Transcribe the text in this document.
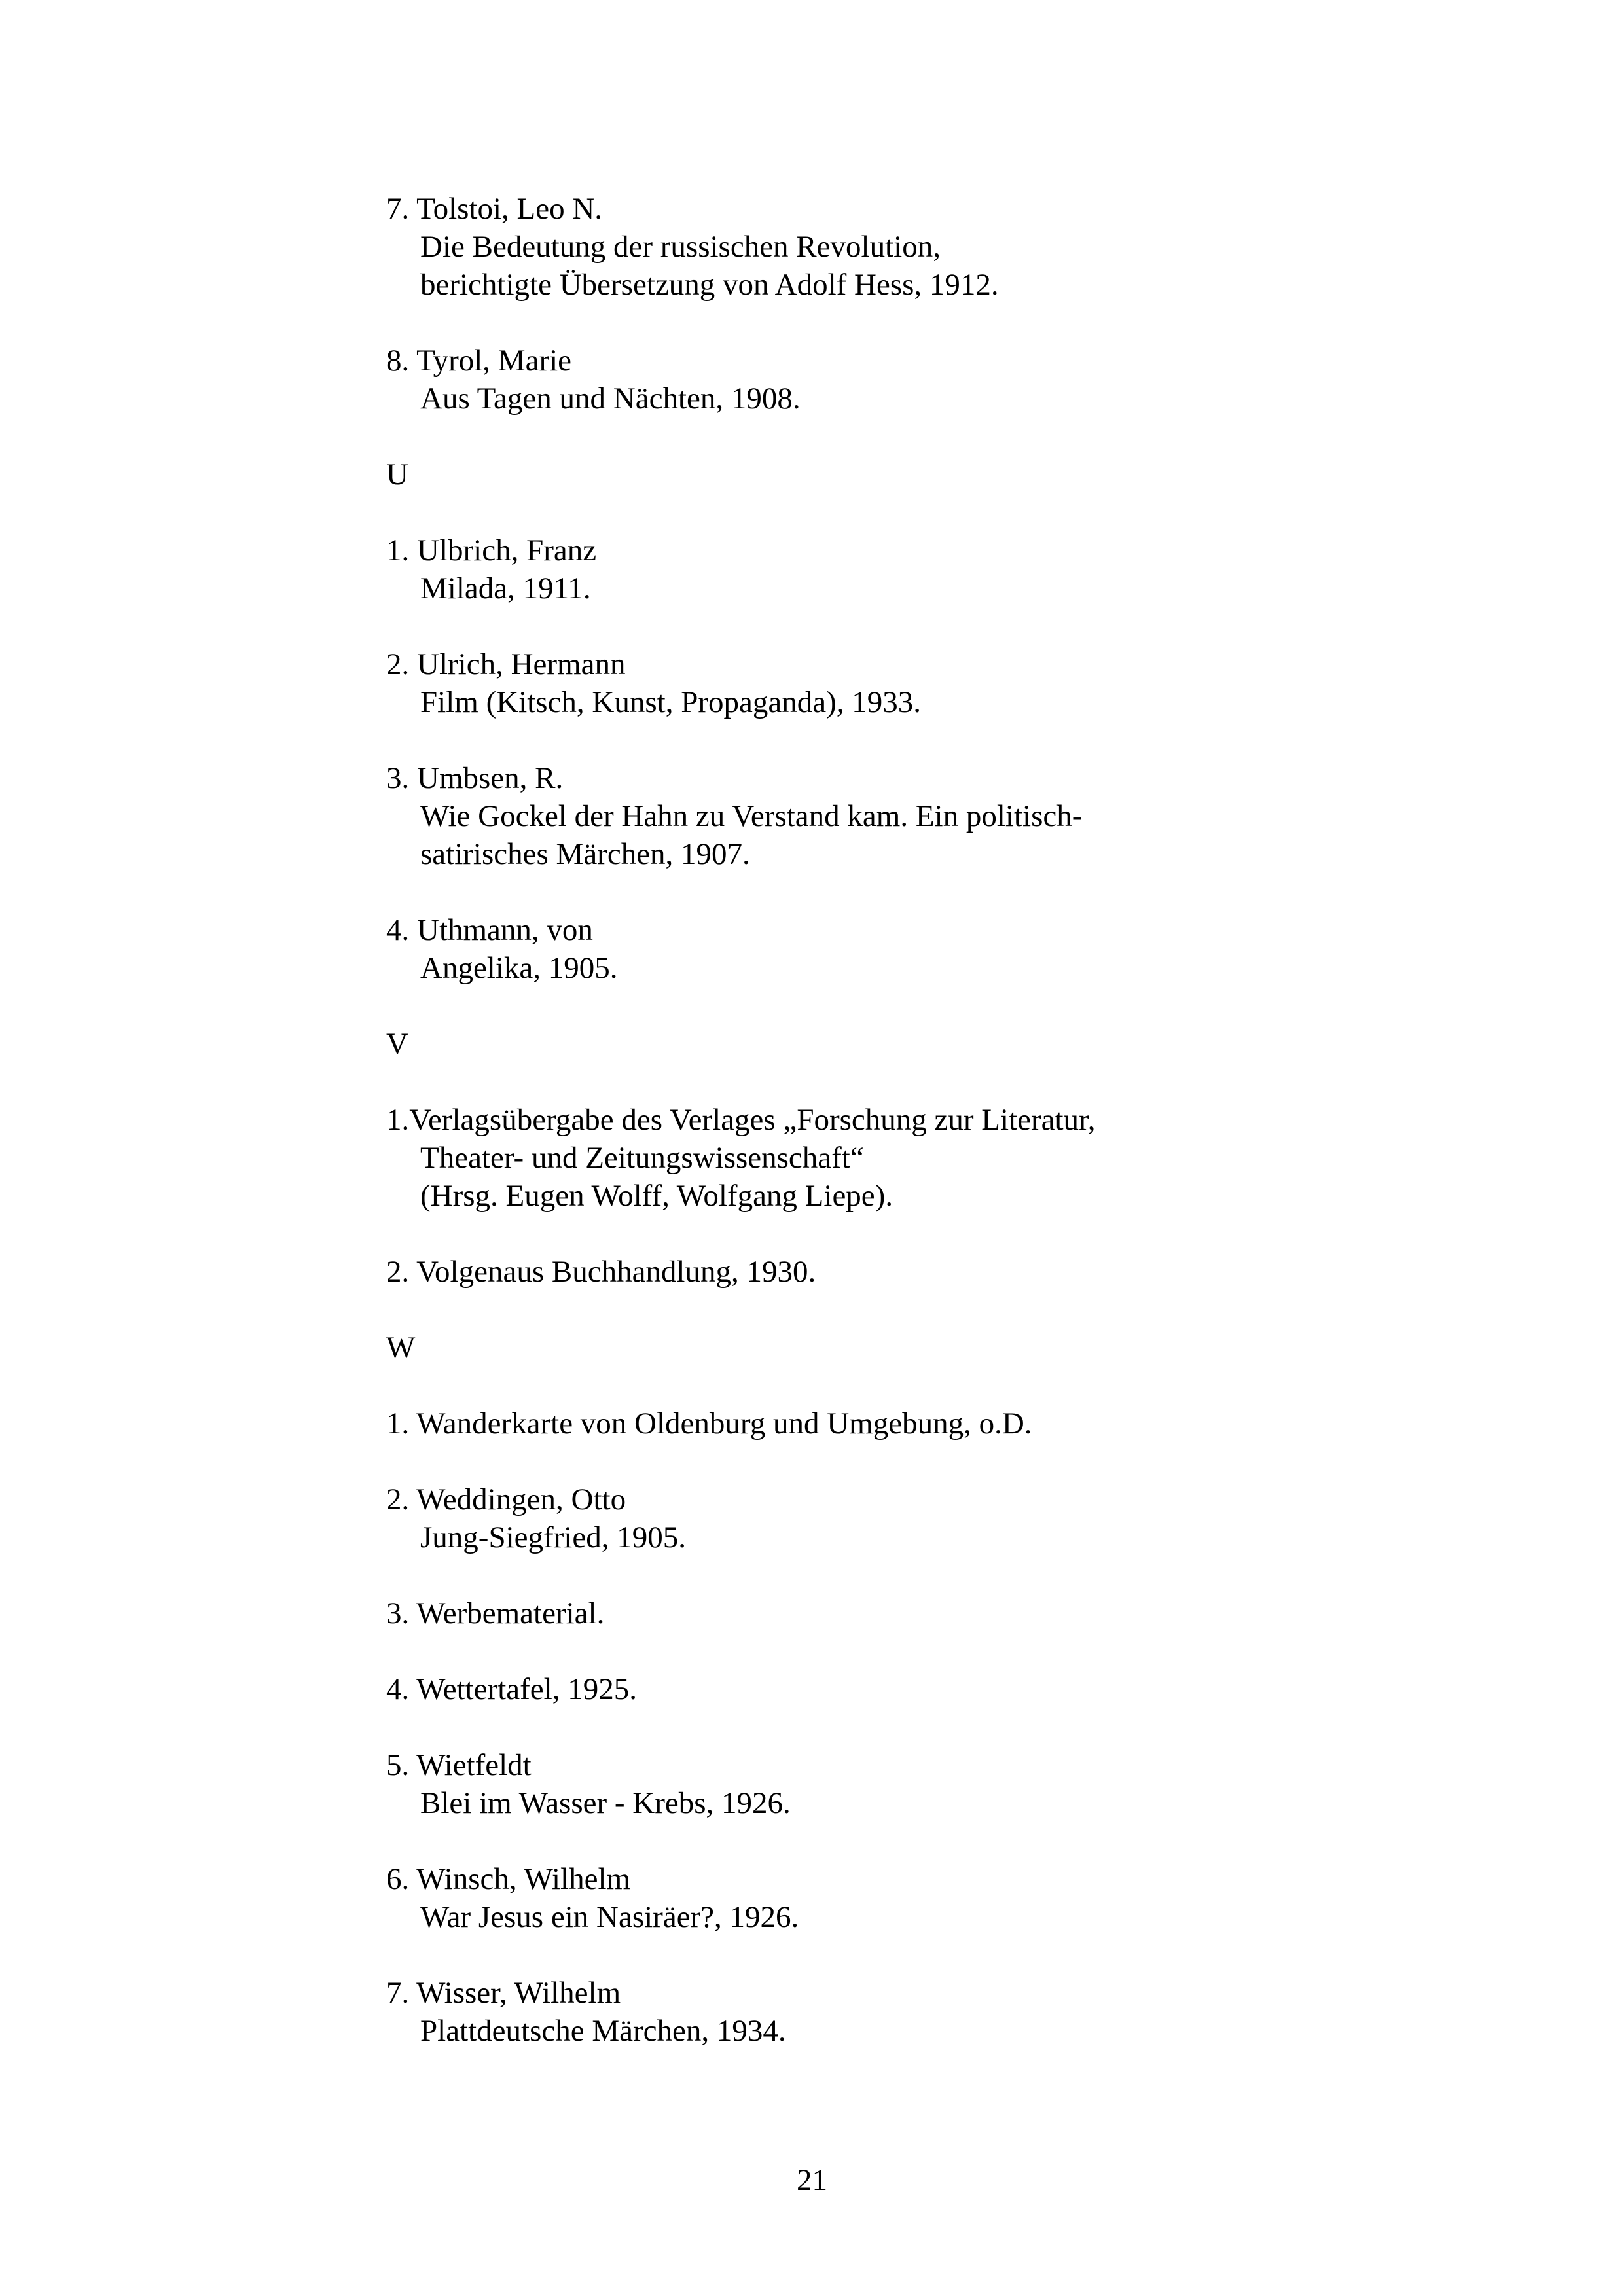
7. Tolstoi, Leo N.
Die Bedeutung der russischen Revolution,
berichtigte Übersetzung von Adolf Hess, 1912.
8. Tyrol, Marie
Aus Tagen und Nächten, 1908.
U
1. Ulbrich, Franz
Milada, 1911.
2. Ulrich, Hermann
Film (Kitsch, Kunst, Propaganda), 1933.
3. Umbsen, R.
Wie Gockel der Hahn zu Verstand kam. Ein politisch-
satirisches Märchen, 1907.
4. Uthmann, von
Angelika, 1905.
V
1.Verlagsübergabe des Verlages „Forschung zur Literatur,
Theater- und Zeitungswissenschaft“
(Hrsg. Eugen Wolff, Wolfgang Liepe).
2. Volgenaus Buchhandlung, 1930.
W
1. Wanderkarte von Oldenburg und Umgebung, o.D.
2. Weddingen, Otto
Jung-Siegfried, 1905.
3. Werbematerial.
4. Wettertafel, 1925.
5. Wietfeldt
Blei im Wasser - Krebs, 1926.
6. Winsch, Wilhelm
War Jesus ein Nasiräer?, 1926.
7. Wisser, Wilhelm
Plattdeutsche Märchen, 1934.
21
